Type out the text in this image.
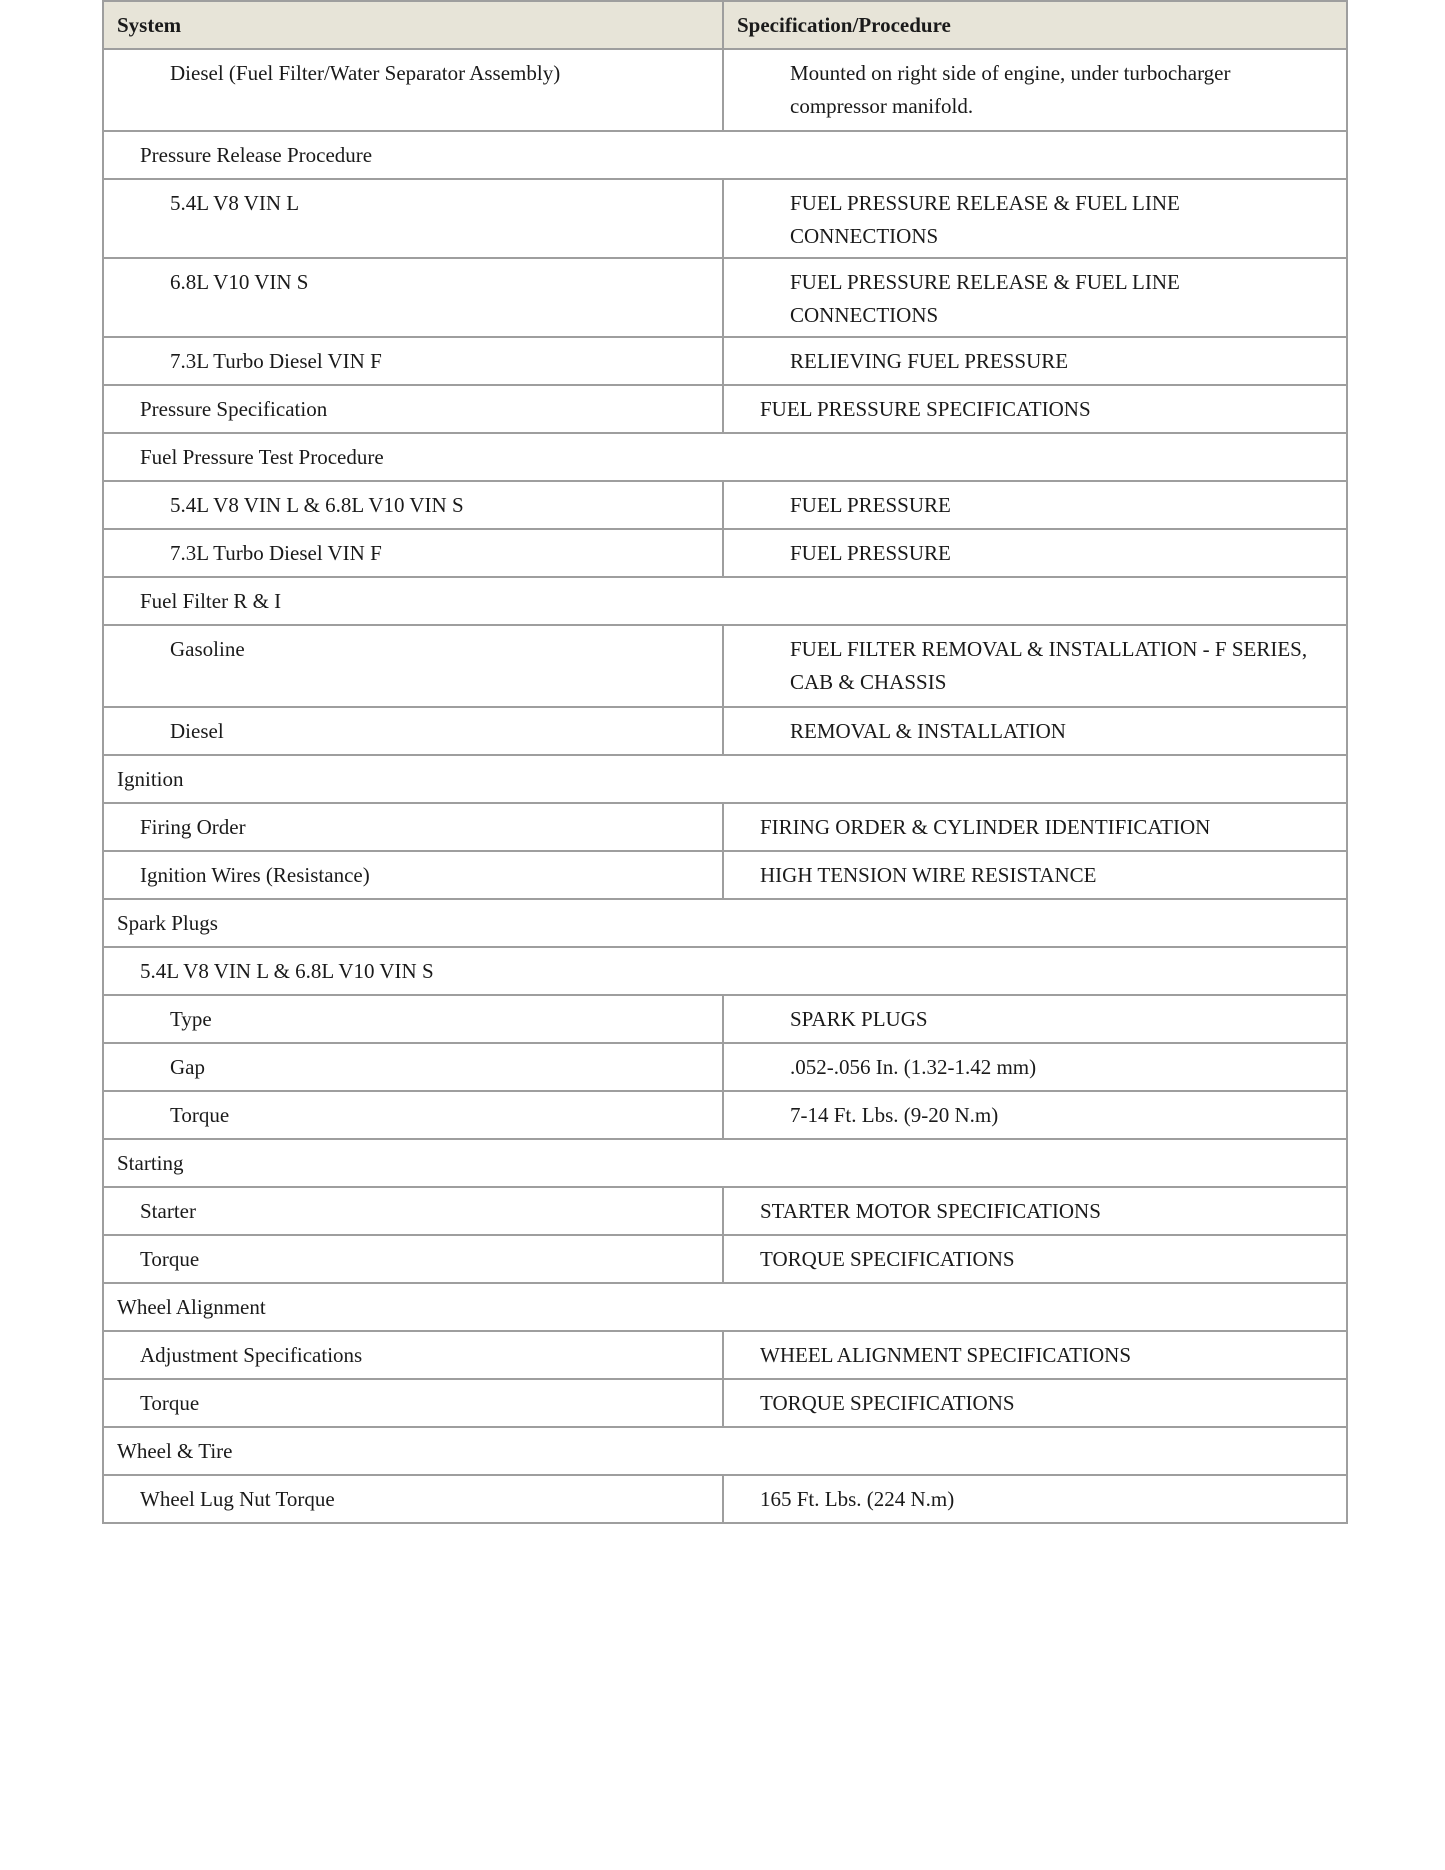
System	Specification/Procedure
Diesel (Fuel Filter/Water Separator Assembly)	Mounted on right side of engine, under turbocharger compressor manifold.
Pressure Release Procedure	
5.4L V8 VIN L	FUEL PRESSURE RELEASE & FUEL LINE CONNECTIONS
6.8L V10 VIN S	FUEL PRESSURE RELEASE & FUEL LINE CONNECTIONS
7.3L Turbo Diesel VIN F	RELIEVING FUEL PRESSURE
Pressure Specification	FUEL PRESSURE SPECIFICATIONS
Fuel Pressure Test Procedure	
5.4L V8 VIN L & 6.8L V10 VIN S	FUEL PRESSURE
7.3L Turbo Diesel VIN F	FUEL PRESSURE
Fuel Filter R & I	
Gasoline	FUEL FILTER REMOVAL & INSTALLATION - F SERIES, CAB & CHASSIS
Diesel	REMOVAL & INSTALLATION
Ignition	
Firing Order	FIRING ORDER & CYLINDER IDENTIFICATION
Ignition Wires (Resistance)	HIGH TENSION WIRE RESISTANCE
Spark Plugs	
5.4L V8 VIN L & 6.8L V10 VIN S	
Type	SPARK PLUGS
Gap	.052-.056 In. (1.32-1.42 mm)
Torque	7-14 Ft. Lbs. (9-20 N.m)
Starting	
Starter	STARTER MOTOR SPECIFICATIONS
Torque	TORQUE SPECIFICATIONS
Wheel Alignment	
Adjustment Specifications	WHEEL ALIGNMENT SPECIFICATIONS
Torque	TORQUE SPECIFICATIONS
Wheel & Tire	
Wheel Lug Nut Torque	165 Ft. Lbs. (224 N.m)
